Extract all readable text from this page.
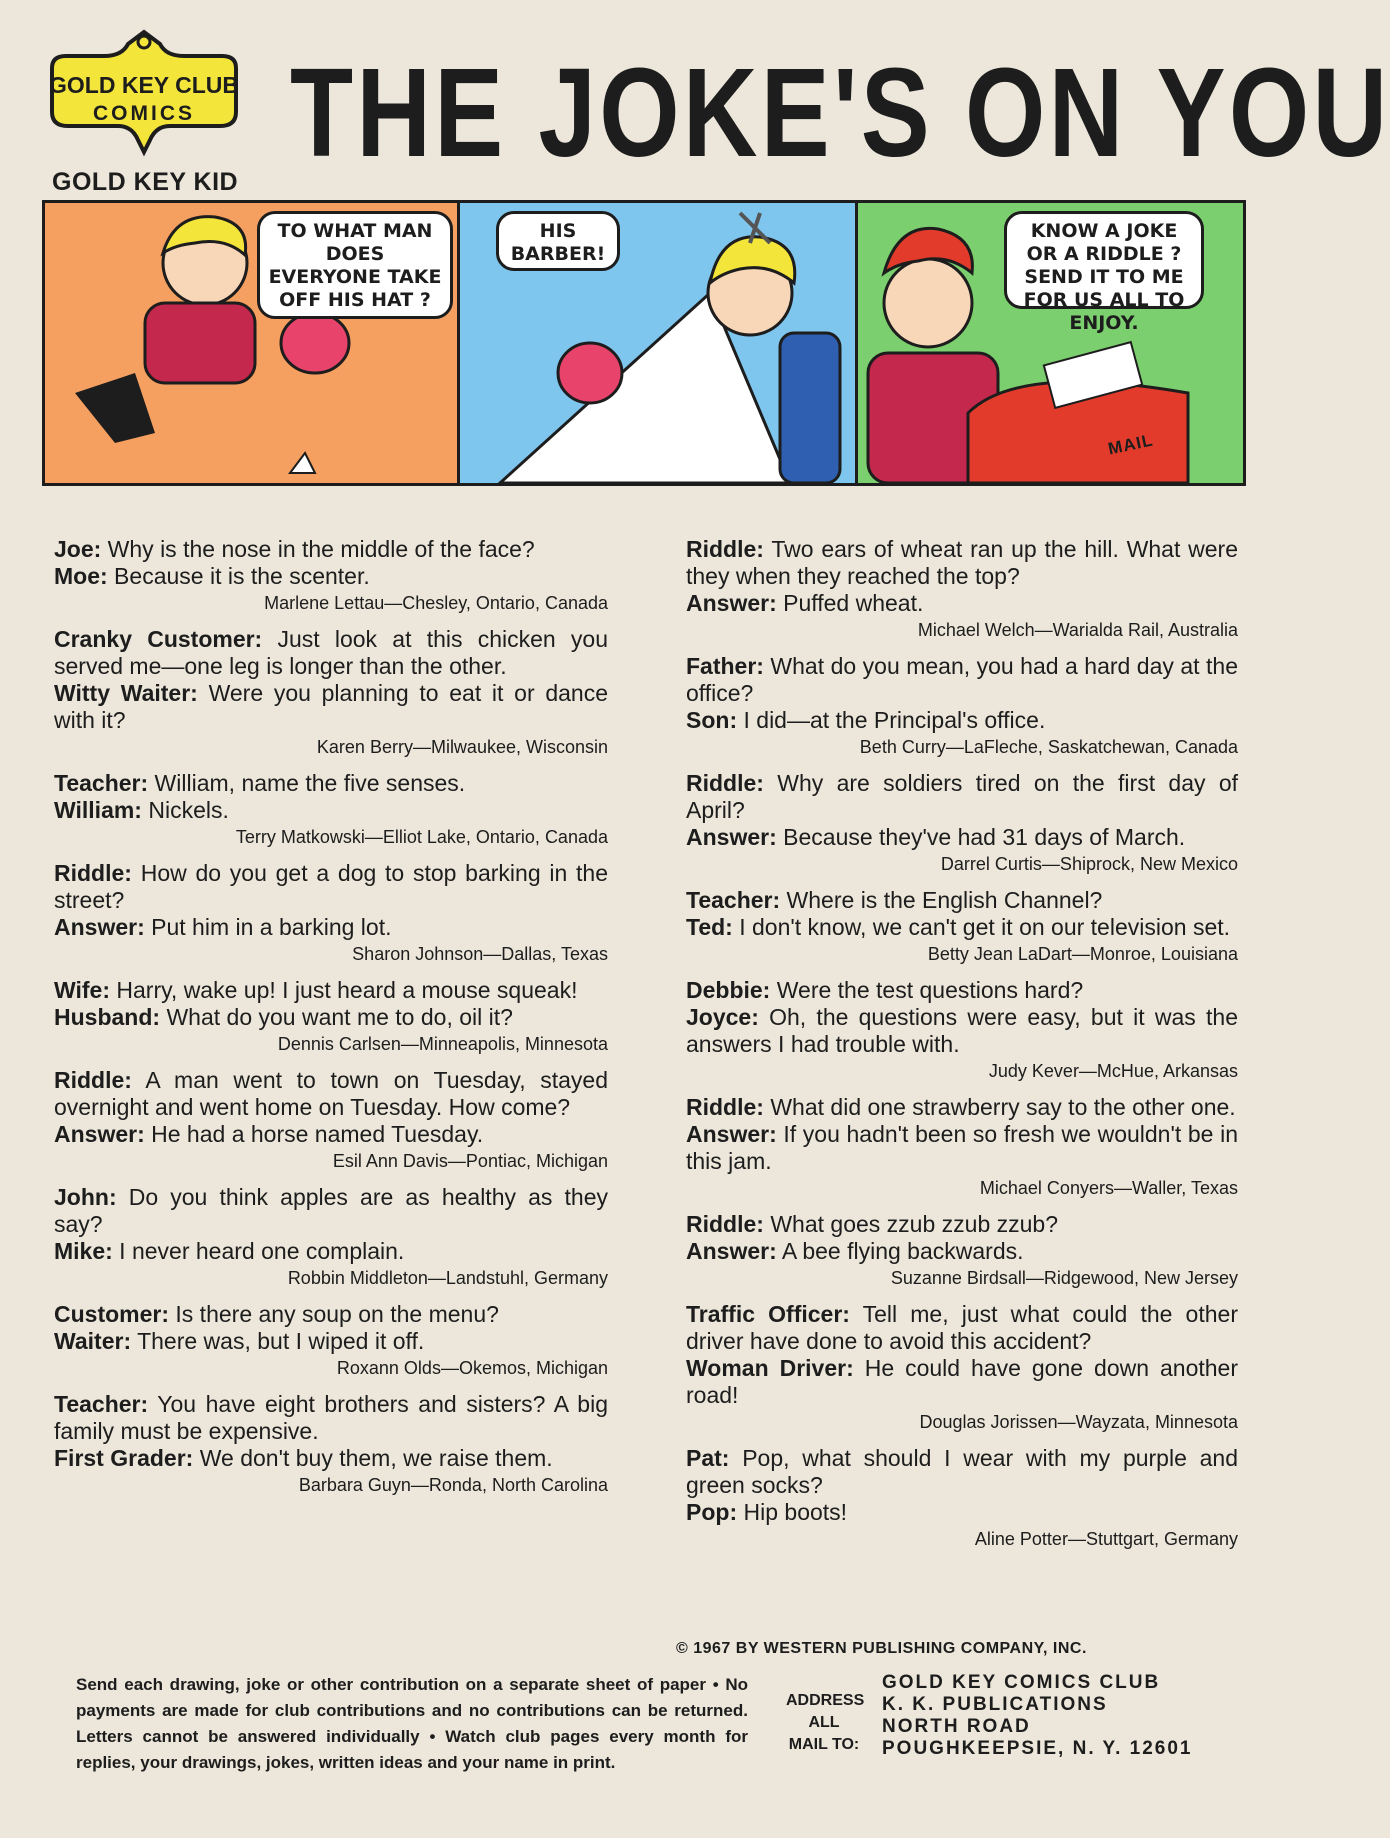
GOLD KEY CLUB
COMICS THE JOKE'S ON YOU
GOLD KEY KID
TO WHAT MAN DOES EVERYONE TAKE OFF HIS HAT ?
HIS BARBER!
KNOW A JOKE OR A RIDDLE ? SEND IT TO ME FOR US ALL TO ENJOY.
MAIL
Joe: Why is the nose in the middle of the face?
Moe: Because it is the scenter.
Marlene Lettau—Chesley, Ontario, Canada
Cranky Customer: Just look at this chicken you served me—one leg is longer than the other.
Witty Waiter: Were you planning to eat it or dance with it?
Karen Berry—Milwaukee, Wisconsin
Teacher: William, name the five senses.
William: Nickels.
Terry Matkowski—Elliot Lake, Ontario, Canada
Riddle: How do you get a dog to stop barking in the street?
Answer: Put him in a barking lot.
Sharon Johnson—Dallas, Texas
Wife: Harry, wake up! I just heard a mouse squeak!
Husband: What do you want me to do, oil it?
Dennis Carlsen—Minneapolis, Minnesota
Riddle: A man went to town on Tuesday, stayed overnight and went home on Tuesday. How come?
Answer: He had a horse named Tuesday.
Esil Ann Davis—Pontiac, Michigan
John: Do you think apples are as healthy as they say?
Mike: I never heard one complain.
Robbin Middleton—Landstuhl, Germany
Customer: Is there any soup on the menu?
Waiter: There was, but I wiped it off.
Roxann Olds—Okemos, Michigan
Teacher: You have eight brothers and sisters? A big family must be expensive.
First Grader: We don't buy them, we raise them.
Barbara Guyn—Ronda, North Carolina
Riddle: Two ears of wheat ran up the hill. What were they when they reached the top?
Answer: Puffed wheat.
Michael Welch—Warialda Rail, Australia
Father: What do you mean, you had a hard day at the office?
Son: I did—at the Principal's office.
Beth Curry—LaFleche, Saskatchewan, Canada
Riddle: Why are soldiers tired on the first day of April?
Answer: Because they've had 31 days of March.
Darrel Curtis—Shiprock, New Mexico
Teacher: Where is the English Channel?
Ted: I don't know, we can't get it on our television set.
Betty Jean LaDart—Monroe, Louisiana
Debbie: Were the test questions hard?
Joyce: Oh, the questions were easy, but it was the answers I had trouble with.
Judy Kever—McHue, Arkansas
Riddle: What did one strawberry say to the other one.
Answer: If you hadn't been so fresh we wouldn't be in this jam.
Michael Conyers—Waller, Texas
Riddle: What goes zzub zzub zzub?
Answer: A bee flying backwards.
Suzanne Birdsall—Ridgewood, New Jersey
Traffic Officer: Tell me, just what could the other driver have done to avoid this accident?
Woman Driver: He could have gone down another road!
Douglas Jorissen—Wayzata, Minnesota
Pat: Pop, what should I wear with my purple and green socks?
Pop: Hip boots!
Aline Potter—Stuttgart, Germany
© 1967 BY WESTERN PUBLISHING COMPANY, INC.
Send each drawing, joke or other contribution on a separate sheet of paper • No payments are made for club contributions and no contributions can be returned. Letters cannot be answered individually • Watch club pages every month for replies, your drawings, jokes, written ideas and your name in print.
ADDRESS
ALL
MAIL TO:
GOLD KEY COMICS CLUB
K. K. PUBLICATIONS
NORTH ROAD
POUGHKEEPSIE, N. Y. 12601
